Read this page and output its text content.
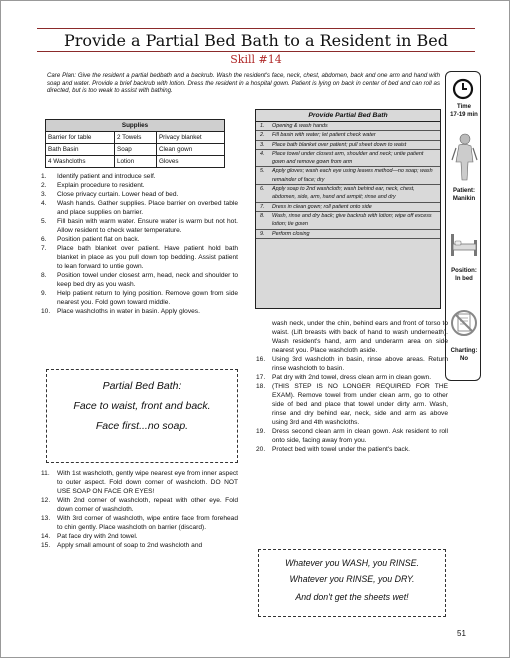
Provide a Partial Bed Bath to a Resident in Bed
Skill #14
Care Plan: Give the resident a partial bedbath and a backrub. Wash the resident's face, neck, chest, abdomen, back and one arm and hand with soap and water. Provide a brief backrub with lotion. Dress the resident in a hospital gown. Patient is lying on back in center of bed and can roll as directed, but is too weak to assist with bathing.
Supplies		
Barrier for table	2 Towels	Privacy blanket
Bath Basin	Soap	Clean gown
4 Washcloths	Lotion	Gloves
Provide Partial Bed Bath
1. Opening & wash hands
2. Fill basin with water; let patient check water
3. Place bath blanket over patient; pull sheet down to waist
4. Place towel under closest arm, shoulder and neck; untie patient gown and remove gown from arm
5. Apply gloves; wash each eye using leaves method—no soap; wash remainder of face; dry
6. Apply soap to 2nd washcloth; wash behind ear, neck, chest, abdomen, side, arm, hand and armpit; rinse and dry
7. Dress in clean gown; roll patient onto side
8. Wash, rinse and dry back; give backrub with lotion; wipe off excess lotion; tie gown
9. Perform closing
Time
17-19 min
Patient:
Manikin
Position:
In bed
Charting:
No
1.	Identify patient and introduce self.
2.	Explain procedure to resident.
3.	Close privacy curtain. Lower head of bed.
4.	Wash hands. Gather supplies. Place barrier on overbed table and place supplies on barrier.
5.	Fill basin with warm water. Ensure water is warm but not hot. Allow resident to check water temperature.
6.	Position patient flat on back.
7.	Place bath blanket over patient. Have patient hold bath blanket in place as you pull down top bedding. Assist patient to lean forward to untie gown.
8.	Position towel under closest arm, head, neck and shoulder to keep bed dry as you wash.
9.	Help patient return to lying position. Remove gown from side nearest you. Fold gown toward middle.
10.	Place washcloths in water in basin. Apply gloves.
Partial Bed Bath:
Face to waist, front and back.
Face first...no soap.
11.	With 1st washcloth, gently wipe nearest eye from inner aspect to outer aspect. Fold down corner of washcloth. DO NOT USE SOAP ON FACE OR EYES!
12.	With 2nd corner of washcloth, repeat with other eye. Fold down corner of washcloth.
13.	With 3rd corner of washcloth, wipe entire face from forehead to chin gently. Place washcloth on barrier (discard).
14.	Pat face dry with 2nd towel.
15.	Apply small amount of soap to 2nd washcloth and
wash neck, under the chin, behind ears and front of torso to waist. (Lift breasts with back of hand to wash underneath). Wash resident's hand, arm and underarm area on side nearest you. Place washcloth aside.
16.	Using 3rd washcloth in basin, rinse above areas. Return rinse washcloth to basin.
17.	Pat dry with 2nd towel, dress clean arm in clean gown.
18.	(THIS STEP IS NO LONGER REQUIRED FOR THE EXAM). Remove towel from under clean arm, go to other side of bed and place that towel under dirty arm. Wash, rinse and dry behind ear, neck, side and arm as above using 3rd and 4th washcloths.
19.	Dress second clean arm in clean gown. Ask resident to roll onto side, facing away from you.
20.	Protect bed with towel under the patient's back.
Whatever you WASH, you RINSE.
Whatever you RINSE, you DRY.
And don't get the sheets wet!
51
